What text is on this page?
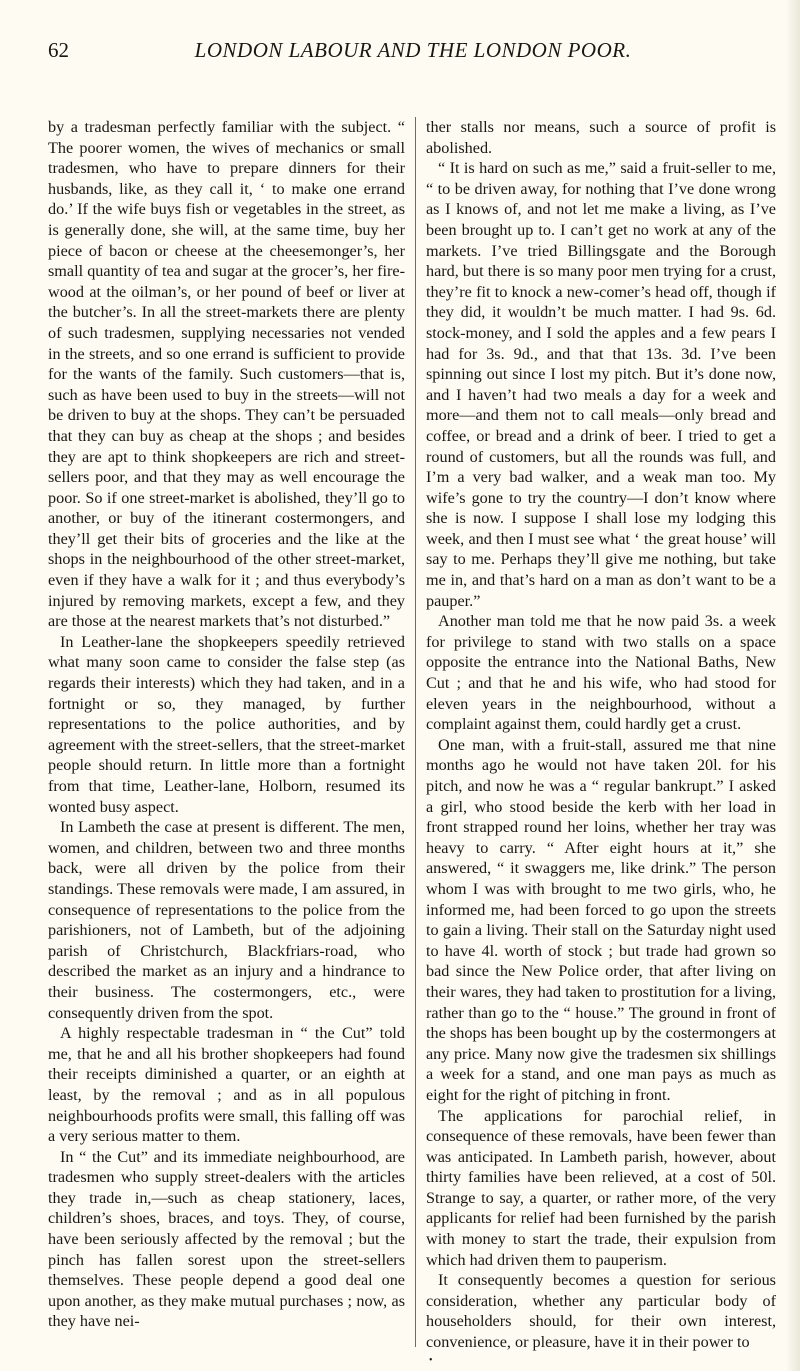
62	LONDON LABOUR AND THE LONDON POOR.

by a tradesman perfectly familiar with the subject. “ The poorer women, the wives of mechanics or small tradesmen, who have to prepare dinners for their husbands, like, as they call it, ‘ to make one errand do.’ If the wife buys fish or vegetables in the street, as is generally done, she will, at the same time, buy her piece of bacon or cheese at the cheesemonger’s, her small quantity of tea and sugar at the grocer’s, her fire-wood at the oilman’s, or her pound of beef or liver at the butcher’s. In all the street-markets there are plenty of such tradesmen, supplying necessaries not vended in the streets, and so one errand is sufficient to provide for the wants of the family. Such customers—that is, such as have been used to buy in the streets—will not be driven to buy at the shops. They can’t be persuaded that they can buy as cheap at the shops ; and besides they are apt to think shopkeepers are rich and street-sellers poor, and that they may as well encourage the poor. So if one street-market is abolished, they’ll go to another, or buy of the itinerant costermongers, and they’ll get their bits of groceries and the like at the shops in the neighbourhood of the other street-market, even if they have a walk for it ; and thus everybody’s injured by removing markets, except a few, and they are those at the nearest markets that’s not disturbed.”

In Leather-lane the shopkeepers speedily retrieved what many soon came to consider the false step (as regards their interests) which they had taken, and in a fortnight or so, they managed, by further representations to the police authorities, and by agreement with the street-sellers, that the street-market people should return. In little more than a fortnight from that time, Leather-lane, Holborn, resumed its wonted busy aspect.

In Lambeth the case at present is different. The men, women, and children, between two and three months back, were all driven by the police from their standings. These removals were made, I am assured, in consequence of representations to the police from the parishioners, not of Lambeth, but of the adjoining parish of Christchurch, Blackfriars-road, who described the market as an injury and a hindrance to their business. The costermongers, etc., were consequently driven from the spot.

A highly respectable tradesman in “ the Cut” told me, that he and all his brother shopkeepers had found their receipts diminished a quarter, or an eighth at least, by the removal ; and as in all populous neighbourhoods profits were small, this falling off was a very serious matter to them.

In “ the Cut” and its immediate neighbourhood, are tradesmen who supply street-dealers with the articles they trade in,—such as cheap stationery, laces, children’s shoes, braces, and toys. They, of course, have been seriously affected by the removal ; but the pinch has fallen sorest upon the street-sellers themselves. These people depend a good deal one upon another, as they make mutual purchases ; now, as they have nei-

ther stalls nor means, such a source of profit is abolished.

“ It is hard on such as me,” said a fruit-seller to me, “ to be driven away, for nothing that I’ve done wrong as I knows of, and not let me make a living, as I’ve been brought up to. I can’t get no work at any of the markets. I’ve tried Billingsgate and the Borough hard, but there is so many poor men trying for a crust, they’re fit to knock a new-comer’s head off, though if they did, it wouldn’t be much matter. I had 9s. 6d. stock-money, and I sold the apples and a few pears I had for 3s. 9d., and that that 13s. 3d. I’ve been spinning out since I lost my pitch. But it’s done now, and I haven’t had two meals a day for a week and more—and them not to call meals—only bread and coffee, or bread and a drink of beer. I tried to get a round of customers, but all the rounds was full, and I’m a very bad walker, and a weak man too. My wife’s gone to try the country—I don’t know where she is now. I suppose I shall lose my lodging this week, and then I must see what ‘ the great house’ will say to me. Perhaps they’ll give me nothing, but take me in, and that’s hard on a man as don’t want to be a pauper.”

Another man told me that he now paid 3s. a week for privilege to stand with two stalls on a space opposite the entrance into the National Baths, New Cut ; and that he and his wife, who had stood for eleven years in the neighbourhood, without a complaint against them, could hardly get a crust.

One man, with a fruit-stall, assured me that nine months ago he would not have taken 20l. for his pitch, and now he was a “ regular bankrupt.” I asked a girl, who stood beside the kerb with her load in front strapped round her loins, whether her tray was heavy to carry. “ After eight hours at it,” she answered, “ it swaggers me, like drink.” The person whom I was with brought to me two girls, who, he informed me, had been forced to go upon the streets to gain a living. Their stall on the Saturday night used to have 4l. worth of stock ; but trade had grown so bad since the New Police order, that after living on their wares, they had taken to prostitution for a living, rather than go to the “ house.” The ground in front of the shops has been bought up by the costermongers at any price. Many now give the tradesmen six shillings a week for a stand, and one man pays as much as eight for the right of pitching in front.

The applications for parochial relief, in consequence of these removals, have been fewer than was anticipated. In Lambeth parish, however, about thirty families have been relieved, at a cost of 50l. Strange to say, a quarter, or rather more, of the very applicants for relief had been furnished by the parish with money to start the trade, their expulsion from which had driven them to pauperism.

It consequently becomes a question for serious consideration, whether any particular body of householders should, for their own interest, convenience, or pleasure, have it in their power to

•
